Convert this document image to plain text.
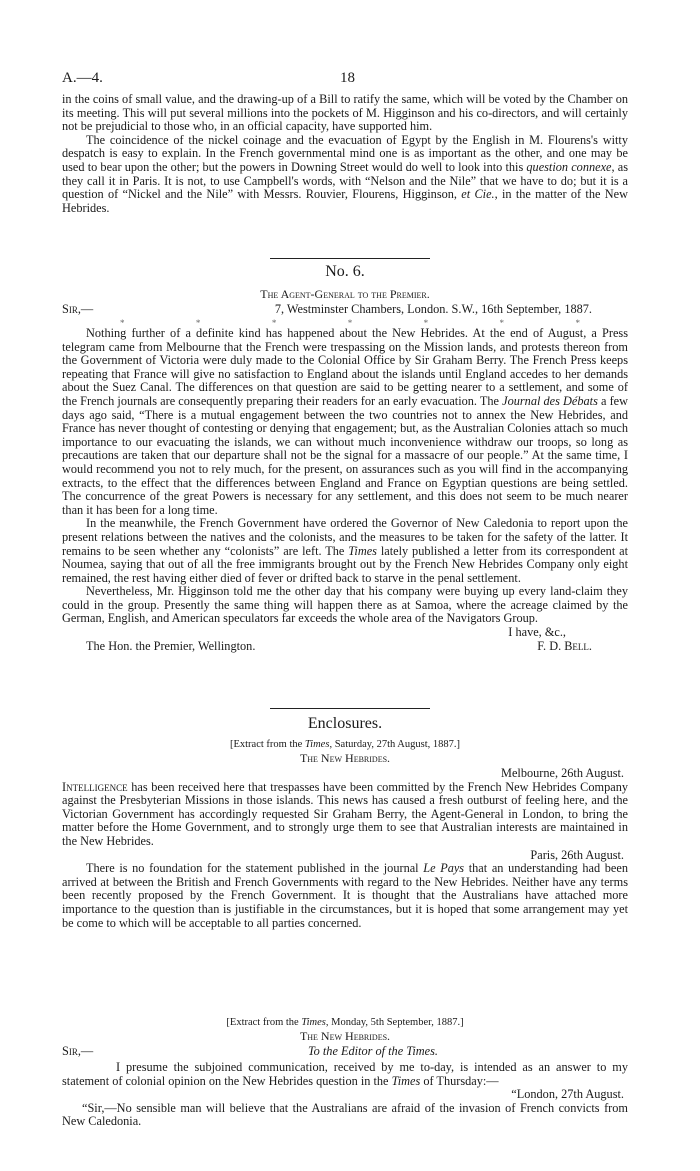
A.—4.	18

in the coins of small value, and the drawing-up of a Bill to ratify the same, which will be voted by the Chamber on its meeting. This will put several millions into the pockets of M. Higginson and his co-directors, and will certainly not be prejudicial to those who, in an official capacity, have supported him.

The coincidence of the nickel coinage and the evacuation of Egypt by the English in M. Flourens's witty despatch is easy to explain. In the French governmental mind one is as important as the other, and one may be used to bear upon the other; but the powers in Downing Street would do well to look into this question connexe, as they call it in Paris. It is not, to use Campbell's words, with “Nelson and the Nile” that we have to do; but it is a question of “Nickel and the Nile” with Messrs. Rouvier, Flourens, Higginson, et Cie., in the matter of the New Hebrides.

No. 6.
The Agent-General to the Premier.
Sir,—	7, Westminster Chambers, London. S.W., 16th September, 1887.
*	*	*	*	*	*	*

Nothing further of a definite kind has happened about the New Hebrides. At the end of August, a Press telegram came from Melbourne that the French were trespassing on the Mission lands, and protests thereon from the Government of Victoria were duly made to the Colonial Office by Sir Graham Berry. The French Press keeps repeating that France will give no satisfaction to England about the islands until England accedes to her demands about the Suez Canal. The differences on that question are said to be getting nearer to a settlement, and some of the French journals are consequently preparing their readers for an early evacuation. The Journal des Débats a few days ago said, “There is a mutual engagement between the two countries not to annex the New Hebrides, and France has never thought of contesting or denying that engagement; but, as the Australian Colonies attach so much importance to our evacuating the islands, we can without much inconvenience withdraw our troops, so long as precautions are taken that our departure shall not be the signal for a massacre of our people.” At the same time, I would recommend you not to rely much, for the present, on assurances such as you will find in the accompanying extracts, to the effect that the differences between England and France on Egyptian questions are being settled. The concurrence of the great Powers is necessary for any settlement, and this does not seem to be much nearer than it has been for a long time.

In the meanwhile, the French Government have ordered the Governor of New Caledonia to report upon the present relations between the natives and the colonists, and the measures to be taken for the safety of the latter. It remains to be seen whether any “colonists” are left. The Times lately published a letter from its correspondent at Noumea, saying that out of all the free immigrants brought out by the French New Hebrides Company only eight remained, the rest having either died of fever or drifted back to starve in the penal settlement.

Nevertheless, Mr. Higginson told me the other day that his company were buying up every land-claim they could in the group. Presently the same thing will happen there as at Samoa, where the acreage claimed by the German, English, and American speculators far exceeds the whole area of the Navigators Group.

I have, &c.,
The Hon. the Premier, Wellington.	F. D. Bell.
Enclosures.
[Extract from the Times, Saturday, 27th August, 1887.]
The New Hebrides.
Melbourne, 26th August.

Intelligence has been received here that trespasses have been committed by the French New Hebrides Company against the Presbyterian Missions in those islands. This news has caused a fresh outburst of feeling here, and the Victorian Government has accordingly requested Sir Graham Berry, the Agent-General in London, to bring the matter before the Home Government, and to strongly urge them to see that Australian interests are maintained in the New Hebrides.

Paris, 26th August.

There is no foundation for the statement published in the journal Le Pays that an understanding had been arrived at between the British and French Governments with regard to the New Hebrides. Neither have any terms been recently proposed by the French Government. It is thought that the Australians have attached more importance to the question than is justifiable in the circumstances, but it is hoped that some arrangement may yet be come to which will be acceptable to all parties concerned.

[Extract from the Times, Monday, 5th September, 1887.]
The New Hebrides.
Sir,—	To the Editor of the Times.

I presume the subjoined communication, received by me to-day, is intended as an answer to my statement of colonial opinion on the New Hebrides question in the Times of Thursday:—

“London, 27th August.

“Sir,—No sensible man will believe that the Australians are afraid of the invasion of French convicts from New Caledonia.
